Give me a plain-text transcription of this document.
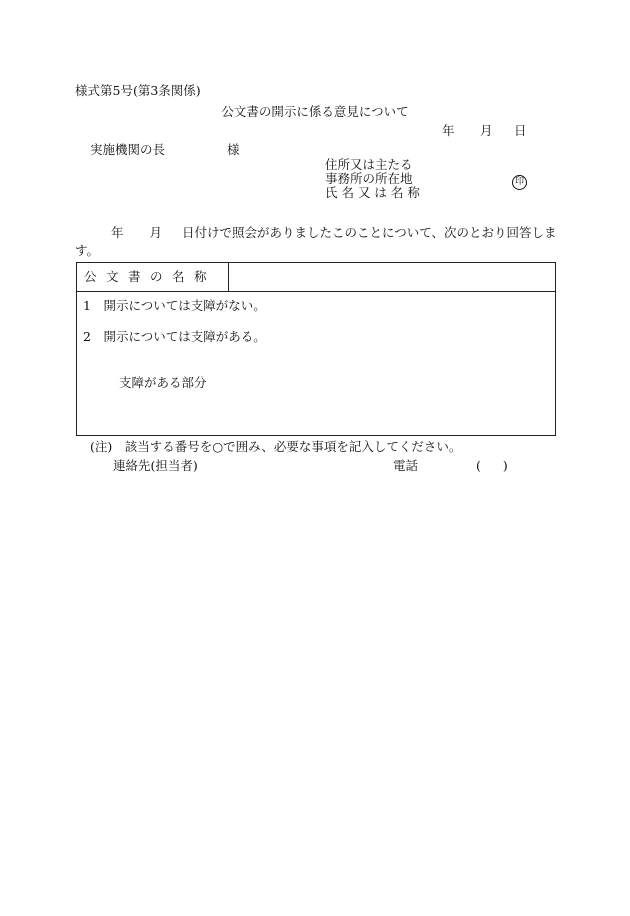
様式第5号(第3条関係)
公文書の開示に係る意見について
年 月 日
実施機関の長	様
住所又は主たる
事務所の所在地
氏 名 又 は 名 称
印
年 月 日付けで照会がありましたこのことについて、次のとおり回答します。
公文書の名称
1　開示については支障がない。
2　開示については支障がある。
支障がある部分
(注)　該当する番号を○で囲み、必要な事項を記入してください。
連絡先(担当者)	電話	( )
